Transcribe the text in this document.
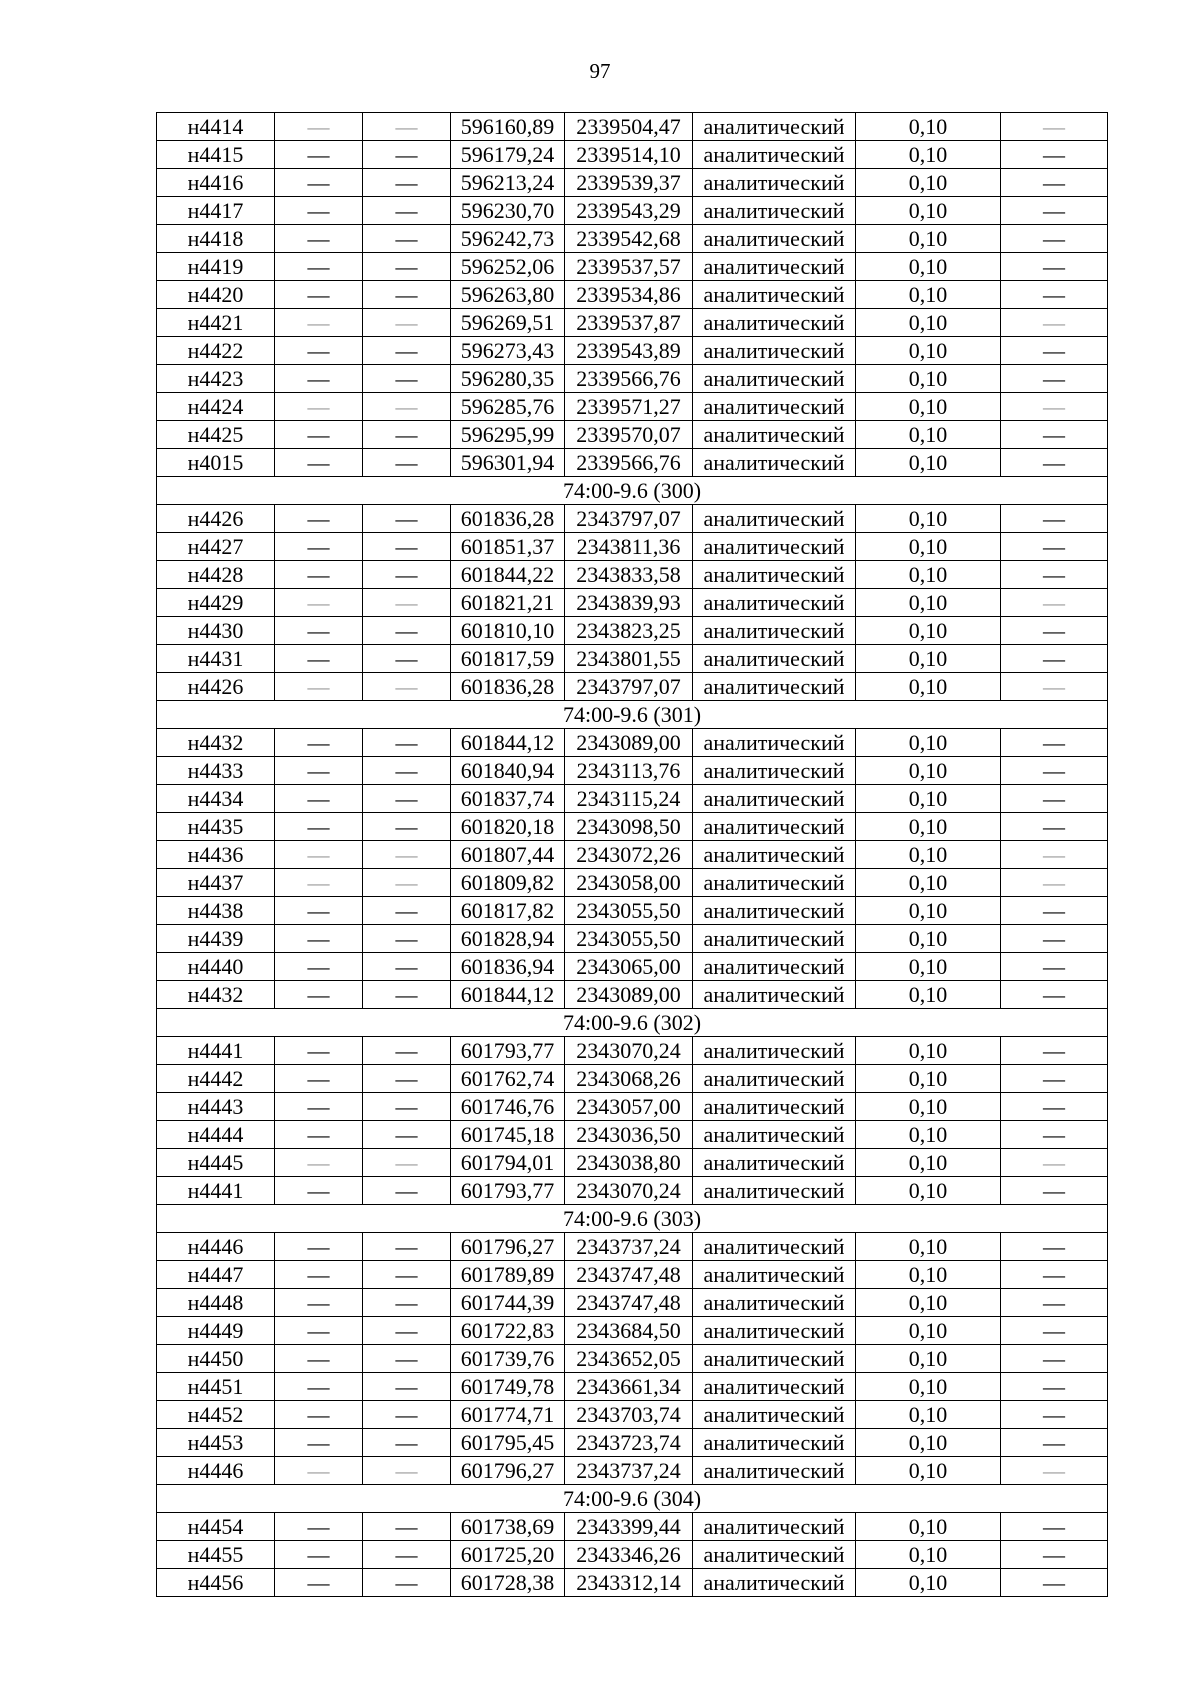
97
н4414	—	—	596160,89	2339504,47	аналитический	0,10	—
н4415	—	—	596179,24	2339514,10	аналитический	0,10	—
н4416	—	—	596213,24	2339539,37	аналитический	0,10	—
н4417	—	—	596230,70	2339543,29	аналитический	0,10	—
н4418	—	—	596242,73	2339542,68	аналитический	0,10	—
н4419	—	—	596252,06	2339537,57	аналитический	0,10	—
н4420	—	—	596263,80	2339534,86	аналитический	0,10	—
н4421	—	—	596269,51	2339537,87	аналитический	0,10	—
н4422	—	—	596273,43	2339543,89	аналитический	0,10	—
н4423	—	—	596280,35	2339566,76	аналитический	0,10	—
н4424	—	—	596285,76	2339571,27	аналитический	0,10	—
н4425	—	—	596295,99	2339570,07	аналитический	0,10	—
н4015	—	—	596301,94	2339566,76	аналитический	0,10	—
74:00-9.6 (300)							
н4426	—	—	601836,28	2343797,07	аналитический	0,10	—
н4427	—	—	601851,37	2343811,36	аналитический	0,10	—
н4428	—	—	601844,22	2343833,58	аналитический	0,10	—
н4429	—	—	601821,21	2343839,93	аналитический	0,10	—
н4430	—	—	601810,10	2343823,25	аналитический	0,10	—
н4431	—	—	601817,59	2343801,55	аналитический	0,10	—
н4426	—	—	601836,28	2343797,07	аналитический	0,10	—
74:00-9.6 (301)							
н4432	—	—	601844,12	2343089,00	аналитический	0,10	—
н4433	—	—	601840,94	2343113,76	аналитический	0,10	—
н4434	—	—	601837,74	2343115,24	аналитический	0,10	—
н4435	—	—	601820,18	2343098,50	аналитический	0,10	—
н4436	—	—	601807,44	2343072,26	аналитический	0,10	—
н4437	—	—	601809,82	2343058,00	аналитический	0,10	—
н4438	—	—	601817,82	2343055,50	аналитический	0,10	—
н4439	—	—	601828,94	2343055,50	аналитический	0,10	—
н4440	—	—	601836,94	2343065,00	аналитический	0,10	—
н4432	—	—	601844,12	2343089,00	аналитический	0,10	—
74:00-9.6 (302)							
н4441	—	—	601793,77	2343070,24	аналитический	0,10	—
н4442	—	—	601762,74	2343068,26	аналитический	0,10	—
н4443	—	—	601746,76	2343057,00	аналитический	0,10	—
н4444	—	—	601745,18	2343036,50	аналитический	0,10	—
н4445	—	—	601794,01	2343038,80	аналитический	0,10	—
н4441	—	—	601793,77	2343070,24	аналитический	0,10	—
74:00-9.6 (303)							
н4446	—	—	601796,27	2343737,24	аналитический	0,10	—
н4447	—	—	601789,89	2343747,48	аналитический	0,10	—
н4448	—	—	601744,39	2343747,48	аналитический	0,10	—
н4449	—	—	601722,83	2343684,50	аналитический	0,10	—
н4450	—	—	601739,76	2343652,05	аналитический	0,10	—
н4451	—	—	601749,78	2343661,34	аналитический	0,10	—
н4452	—	—	601774,71	2343703,74	аналитический	0,10	—
н4453	—	—	601795,45	2343723,74	аналитический	0,10	—
н4446	—	—	601796,27	2343737,24	аналитический	0,10	—
74:00-9.6 (304)							
н4454	—	—	601738,69	2343399,44	аналитический	0,10	—
н4455	—	—	601725,20	2343346,26	аналитический	0,10	—
н4456	—	—	601728,38	2343312,14	аналитический	0,10	—
